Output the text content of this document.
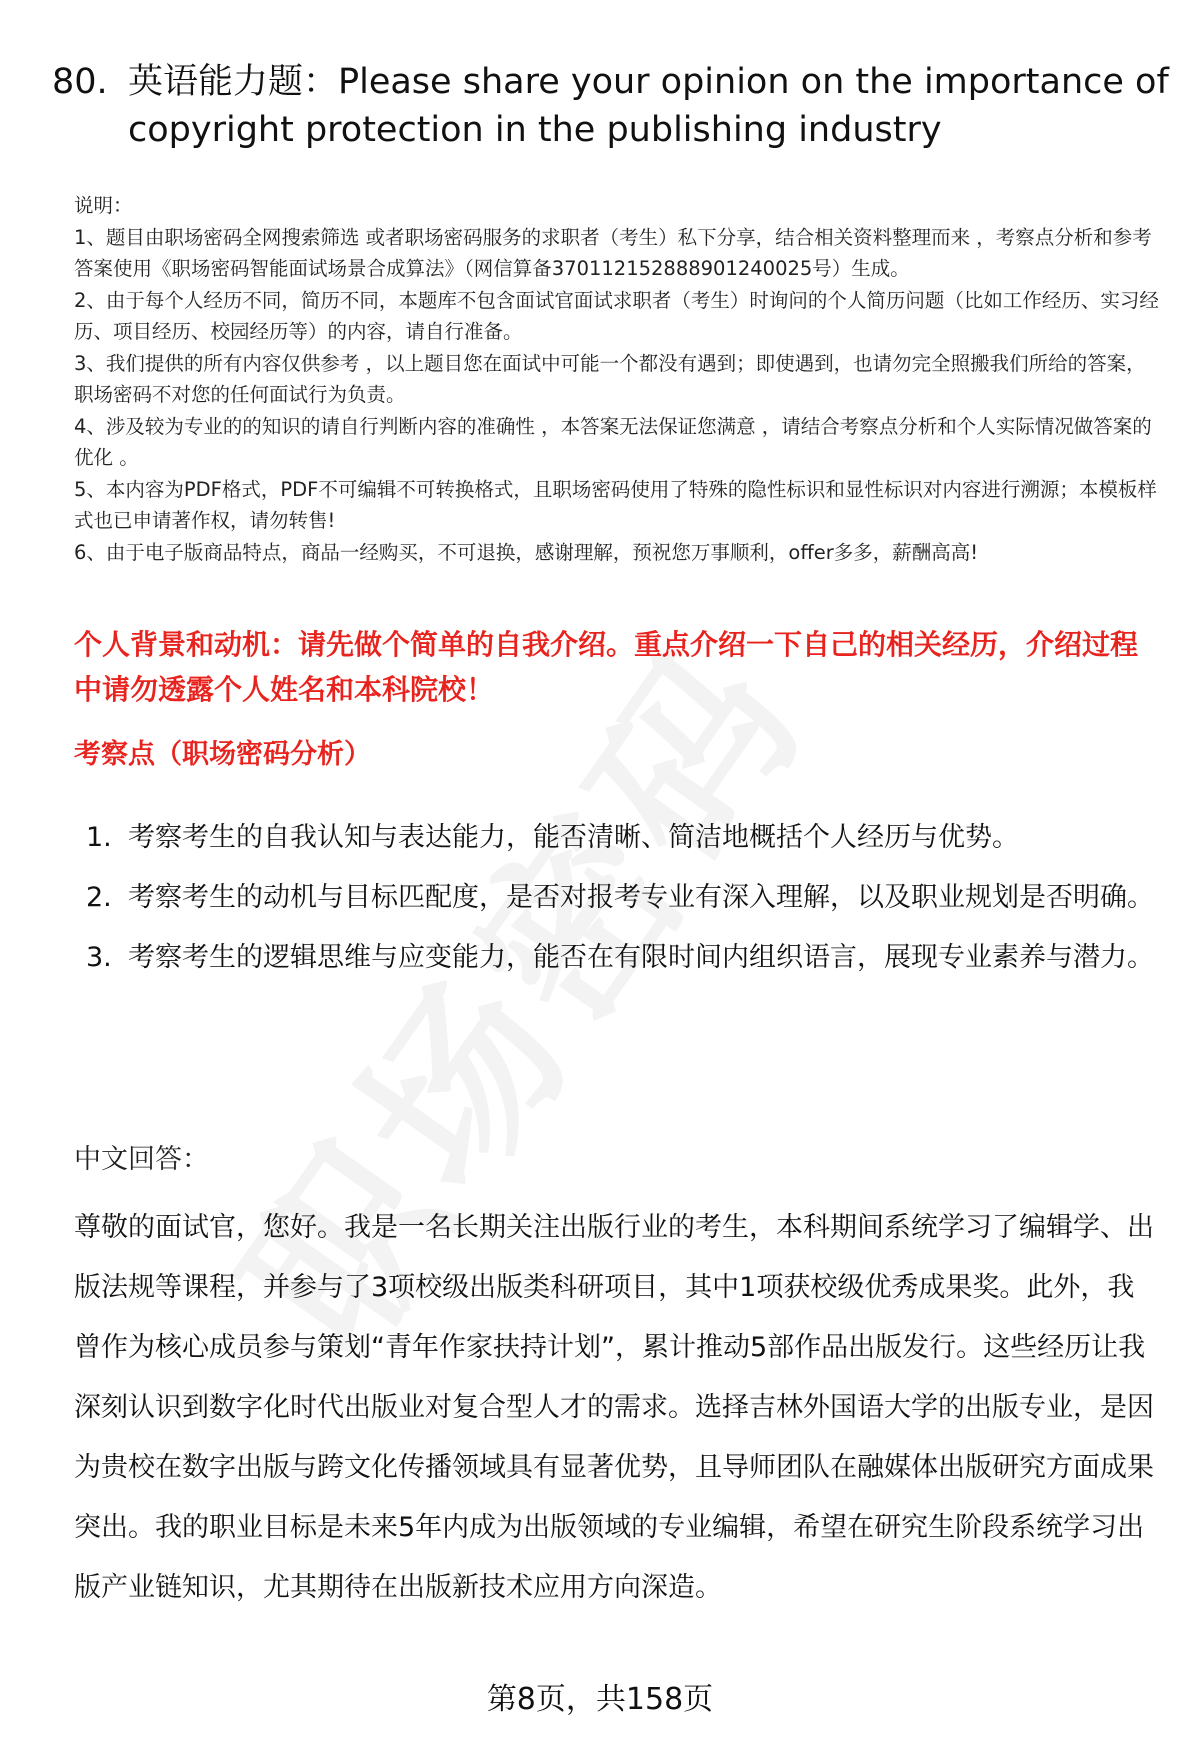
80. 英语能力题：Please share your opinion on the importance of copyright protection in the publishing industry

说明：

1、题目由职场密码全网搜索筛选 或者职场密码服务的求职者（考生）私下分享，结合相关资料整理而来 ，考察点分析和参考答案使用《职场密码智能面试场景合成算法》（网信算备370112152888901240025号）生成。

2、由于每个人经历不同，简历不同，本题库不包含面试官面试求职者（考生）时询问的个人简历问题（比如工作经历、实习经历、项目经历、校园经历等）的内容，请自行准备。

3、我们提供的所有内容仅供参考 ，以上题目您在面试中可能一个都没有遇到；即使遇到，也请勿完全照搬我们所给的答案，职场密码不对您的任何面试行为负责。

4、涉及较为专业的的知识的请自行判断内容的准确性 ，本答案无法保证您满意 ，请结合考察点分析和个人实际情况做答案的优化 。

5、本内容为PDF格式，PDF不可编辑不可转换格式，且职场密码使用了特殊的隐性标识和显性标识对内容进行溯源；本模板样式也已申请著作权，请勿转售!

6、由于电子版商品特点，商品一经购买，不可退换，感谢理解，预祝您万事顺利，offer多多，薪酬高高!

个人背景和动机：请先做个简单的自我介绍。重点介绍一下自己的相关经历，介绍过程中请勿透露个人姓名和本科院校！
考察点（职场密码分析）
1. 考察考生的自我认知与表达能力，能否清晰、简洁地概括个人经历与优势。
2. 考察考生的动机与目标匹配度，是否对报考专业有深入理解，以及职业规划是否明确。
3. 考察考生的逻辑思维与应变能力，能否在有限时间内组织语言，展现专业素养与潜力。
中文回答：

尊敬的面试官，您好。我是一名长期关注出版行业的考生，本科期间系统学习了编辑学、出版法规等课程，并参与了3项校级出版类科研项目，其中1项获校级优秀成果奖。此外，我曾作为核心成员参与策划“青年作家扶持计划”，累计推动5部作品出版发行。这些经历让我深刻认识到数字化时代出版业对复合型人才的需求。选择吉林外国语大学的出版专业，是因为贵校在数字出版与跨文化传播领域具有显著优势，且导师团队在融媒体出版研究方面成果突出。我的职业目标是未来5年内成为出版领域的专业编辑，希望在研究生阶段系统学习出版产业链知识，尤其期待在出版新技术应用方向深造。

第8页，共158页
